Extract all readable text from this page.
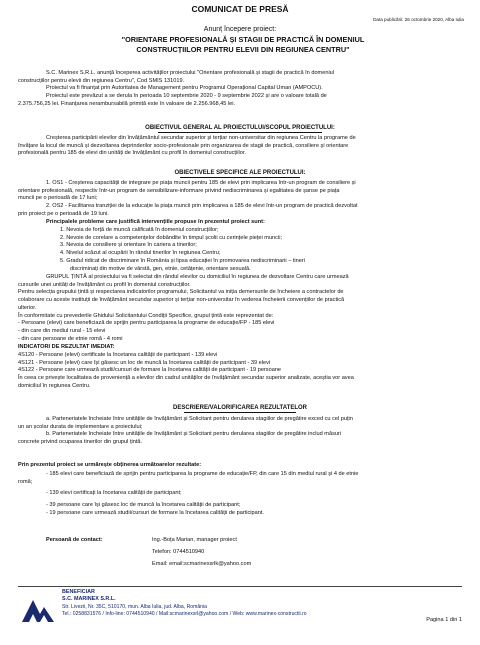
COMUNICAT DE PRESĂ
Data publicării: 26 octombrie 2020, Alba Iulia
Anunț începere proiect:
"ORIENTARE PROFESIONALĂ ȘI STAGII DE PRACTICĂ ÎN DOMENIUL
CONSTRUCȚIILOR PENTRU ELEVII DIN REGIUNEA CENTRU"
S.C. Marinex S.R.L. anunță începerea activităților proiectului "Orientare profesională și stagii de practică în domeniul
construcțiilor pentru elevii din regiunea Centru", Cod SMIS 131019.
Proiectul va fi finanțat prin Autoritatea de Management pentru Programul Operațional Capital Uman (AMPOCU).
Proiectul este prevăzut a se derula în perioada 10 septembrie 2020 - 9 septembrie 2022 și are o valoare totală de
2.375.756,25 lei. Finanțarea nerambursabilă primită este în valoare de 2.256.968,45 lei.
OBIECTIVUL GENERAL AL PROIECTULUI/SCOPUL PROIECTULUI:
Creșterea participării elevilor din învățământul secundar superior și terțiar non-universitar din regiunea Centru la programe de
învățare la locul de muncă și dezvoltarea deprinderilor socio-profesionale prin organizarea de stagii de practică, consiliere și orientare
profesională pentru 185 de elevi din unități de învățământ cu profil în domeniul construcțiilor.
OBIECTIVELE SPECIFICE ALE PROIECTULUI:
1. OS1 - Creșterea capacității de integrare pe piața muncii pentru 185 de elevi prin implicarea într-un program de consiliere și
orientare profesională, respectiv într-un program de sensibilizare-informare privind nediscriminarea și egalitatea de șanse pe piața
muncii pe o perioadă de 17 luni;
2. OS2 - Facilitarea tranziției de la educație la piața muncii prin implicarea a 185 de elevi într-un program de practică dezvoltat
prin proiect pe o perioadă de 19 luni.
Principalele probleme care justifică intervențiile propuse în prezentul proiect sunt:
1. Nevoia de forță de muncă calificată în domeniul construcțiilor;
2. Nevoie de corelare a competențelor dobândite în timpul școlii cu cerințele pieței muncii;
3. Nevoia de consiliere și orientare în cariera a tinerilor;
4. Nivelul scăzut al ocupării în rândul tinerilor în regiunea Centru;
5. Gradul ridicat de discriminare în România și lipsa educației în promovarea nediscriminarii – tineri
discriminați din motive de vârstă, gen, etnie, cetățenie, orientare sexuală.
GRUPUL ȚINTĂ al proiectului va fi selectat din rândul elevilor cu domiciliul în regiunea de dezvoltare Centru care urmează
cursurile unei unități de învățământ cu profil în domeniul construcțiilor.
Pentru selecția grupului țintă și respectarea indicatorilor programului, Solicitantul va iniția demersurile de încheiere a contractelor de
colaborare cu aceste instituții de învățământ secundar superior și terțiar non-universitar în vederea încheierii convențiilor de practică
ulterior.
În conformitate cu prevederile Ghidului Solicitantului Condiții Specifice, grupul țintă este reprezentat de:
- Persoane (elevi) care beneficiază de sprijin pentru participarea la programe de educație/FP - 185 elevi
- din care din mediul rural - 15 elevi
- din care persoane de etnie romă - 4 romi
INDICATORI DE REZULTAT IMEDIAT:
4S120 - Persoane (elevi) certificate la încetarea calității de participant - 139 elevi
4S121 - Persoane (elevi) care își găsesc un loc de muncă la încetarea calității de participant - 39 elevi
4S122 - Persoane care urmează studii/cursuri de formare la încetarea calității de participant - 19 persoane
În ceea ce privește localitatea de proveniență a elevilor din cadrul unităților de învățământ secundar superior analizate, aceștia vor avea
domiciliul în regiunea Centru.
DESCRIERE/VALORIFICAREA REZULTATELOR
a. Parteneriatele încheiate între unitățile de învățământ și Solicitant pentru derularea stagiilor de pregătire exced cu cel puțin
un an școlar durata de implementare a proiectului;
b. Parteneriatele încheiate între unitățile de învățământ și Solicitant pentru derularea stagiilor de pregătire includ măsuri
concrete privind ocuparea tinerilor din grupul țintă.
Prin prezentul proiect se urmărește obținerea următoarelor rezultate:
- 185 elevi care beneficiază de sprijin pentru participarea la programe de educație/FP, din care 15 din mediul rural și 4 de etnie
romă;
- 139 elevi certificați la încetarea calității de participant;
- 39 persoane care își găsesc loc de muncă la încetarea calității de participant;
- 19 persoane care urmează studii/cursuri de formare la încetarea calității de participant.
Persoană de contact:	Ing.-Boța Marian, manager proiect
Telefon: 0744510940
Email: email:scmarinexsrlk@yahoo.com
BENEFICIAR
S.C. MARINEX S.R.L.
Str. Livezii, Nr. 35C, 510170, mun. Alba Iulia, jud. Alba, România
Tel.: 0258831576 / Info-line: 0744510940 / Mail:scmarinexsrl@yahoo.com / Web: www.marinex-constructii.ro
Pagina 1 din 1
